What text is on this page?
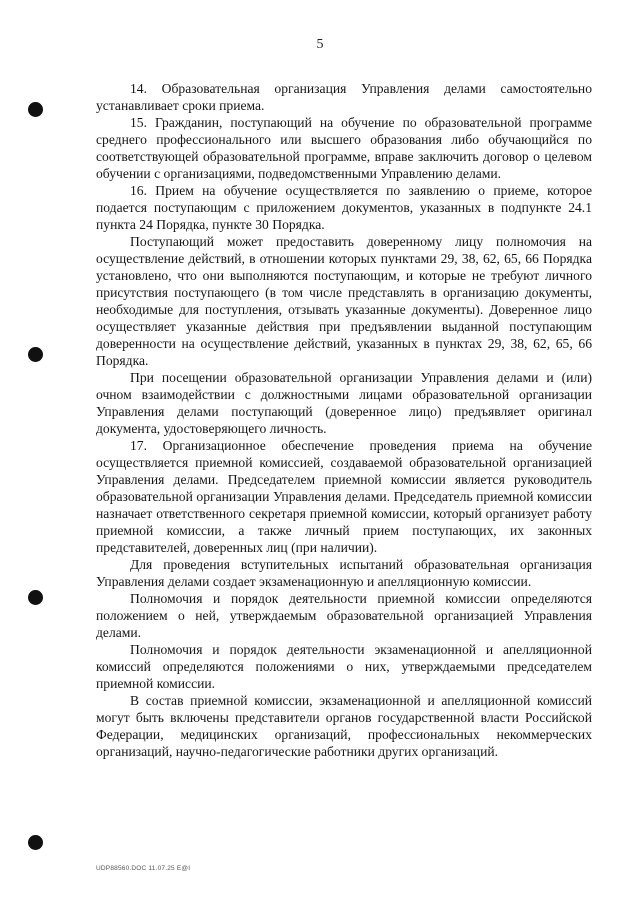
5

14. Образовательная организация Управления делами самостоятельно устанавливает сроки приема.

15. Гражданин, поступающий на обучение по образовательной программе среднего профессионального или высшего образования либо обучающийся по соответствующей образовательной программе, вправе заключить договор о целевом обучении с организациями, подведомственными Управлению делами.

16. Прием на обучение осуществляется по заявлению о приеме, которое подается поступающим с приложением документов, указанных в подпункте 24.1 пункта 24 Порядка, пункте 30 Порядка.

Поступающий может предоставить доверенному лицу полномочия на осуществление действий, в отношении которых пунктами 29, 38, 62, 65, 66 Порядка установлено, что они выполняются поступающим, и которые не требуют личного присутствия поступающего (в том числе представлять в организацию документы, необходимые для поступления, отзывать указанные документы). Доверенное лицо осуществляет указанные действия при предъявлении выданной поступающим доверенности на осуществление действий, указанных в пунктах 29, 38, 62, 65, 66 Порядка.

При посещении образовательной организации Управления делами и (или) очном взаимодействии с должностными лицами образовательной организации Управления делами поступающий (доверенное лицо) предъявляет оригинал документа, удостоверяющего личность.

17. Организационное обеспечение проведения приема на обучение осуществляется приемной комиссией, создаваемой образовательной организацией Управления делами. Председателем приемной комиссии является руководитель образовательной организации Управления делами. Председатель приемной комиссии назначает ответственного секретаря приемной комиссии, который организует работу приемной комиссии, а также личный прием поступающих, их законных представителей, доверенных лиц (при наличии).

Для проведения вступительных испытаний образовательная организация Управления делами создает экзаменационную и апелляционную комиссии.

Полномочия и порядок деятельности приемной комиссии определяются положением о ней, утверждаемым образовательной организацией Управления делами.

Полномочия и порядок деятельности экзаменационной и апелляционной комиссий определяются положениями о них, утверждаемыми председателем приемной комиссии.

В состав приемной комиссии, экзаменационной и апелляционной комиссий могут быть включены представители органов государственной власти Российской Федерации, медицинских организаций, профессиональных некоммерческих организаций, научно-педагогические работники других организаций.

UDP88560.DOC 11.07.25 E@I
